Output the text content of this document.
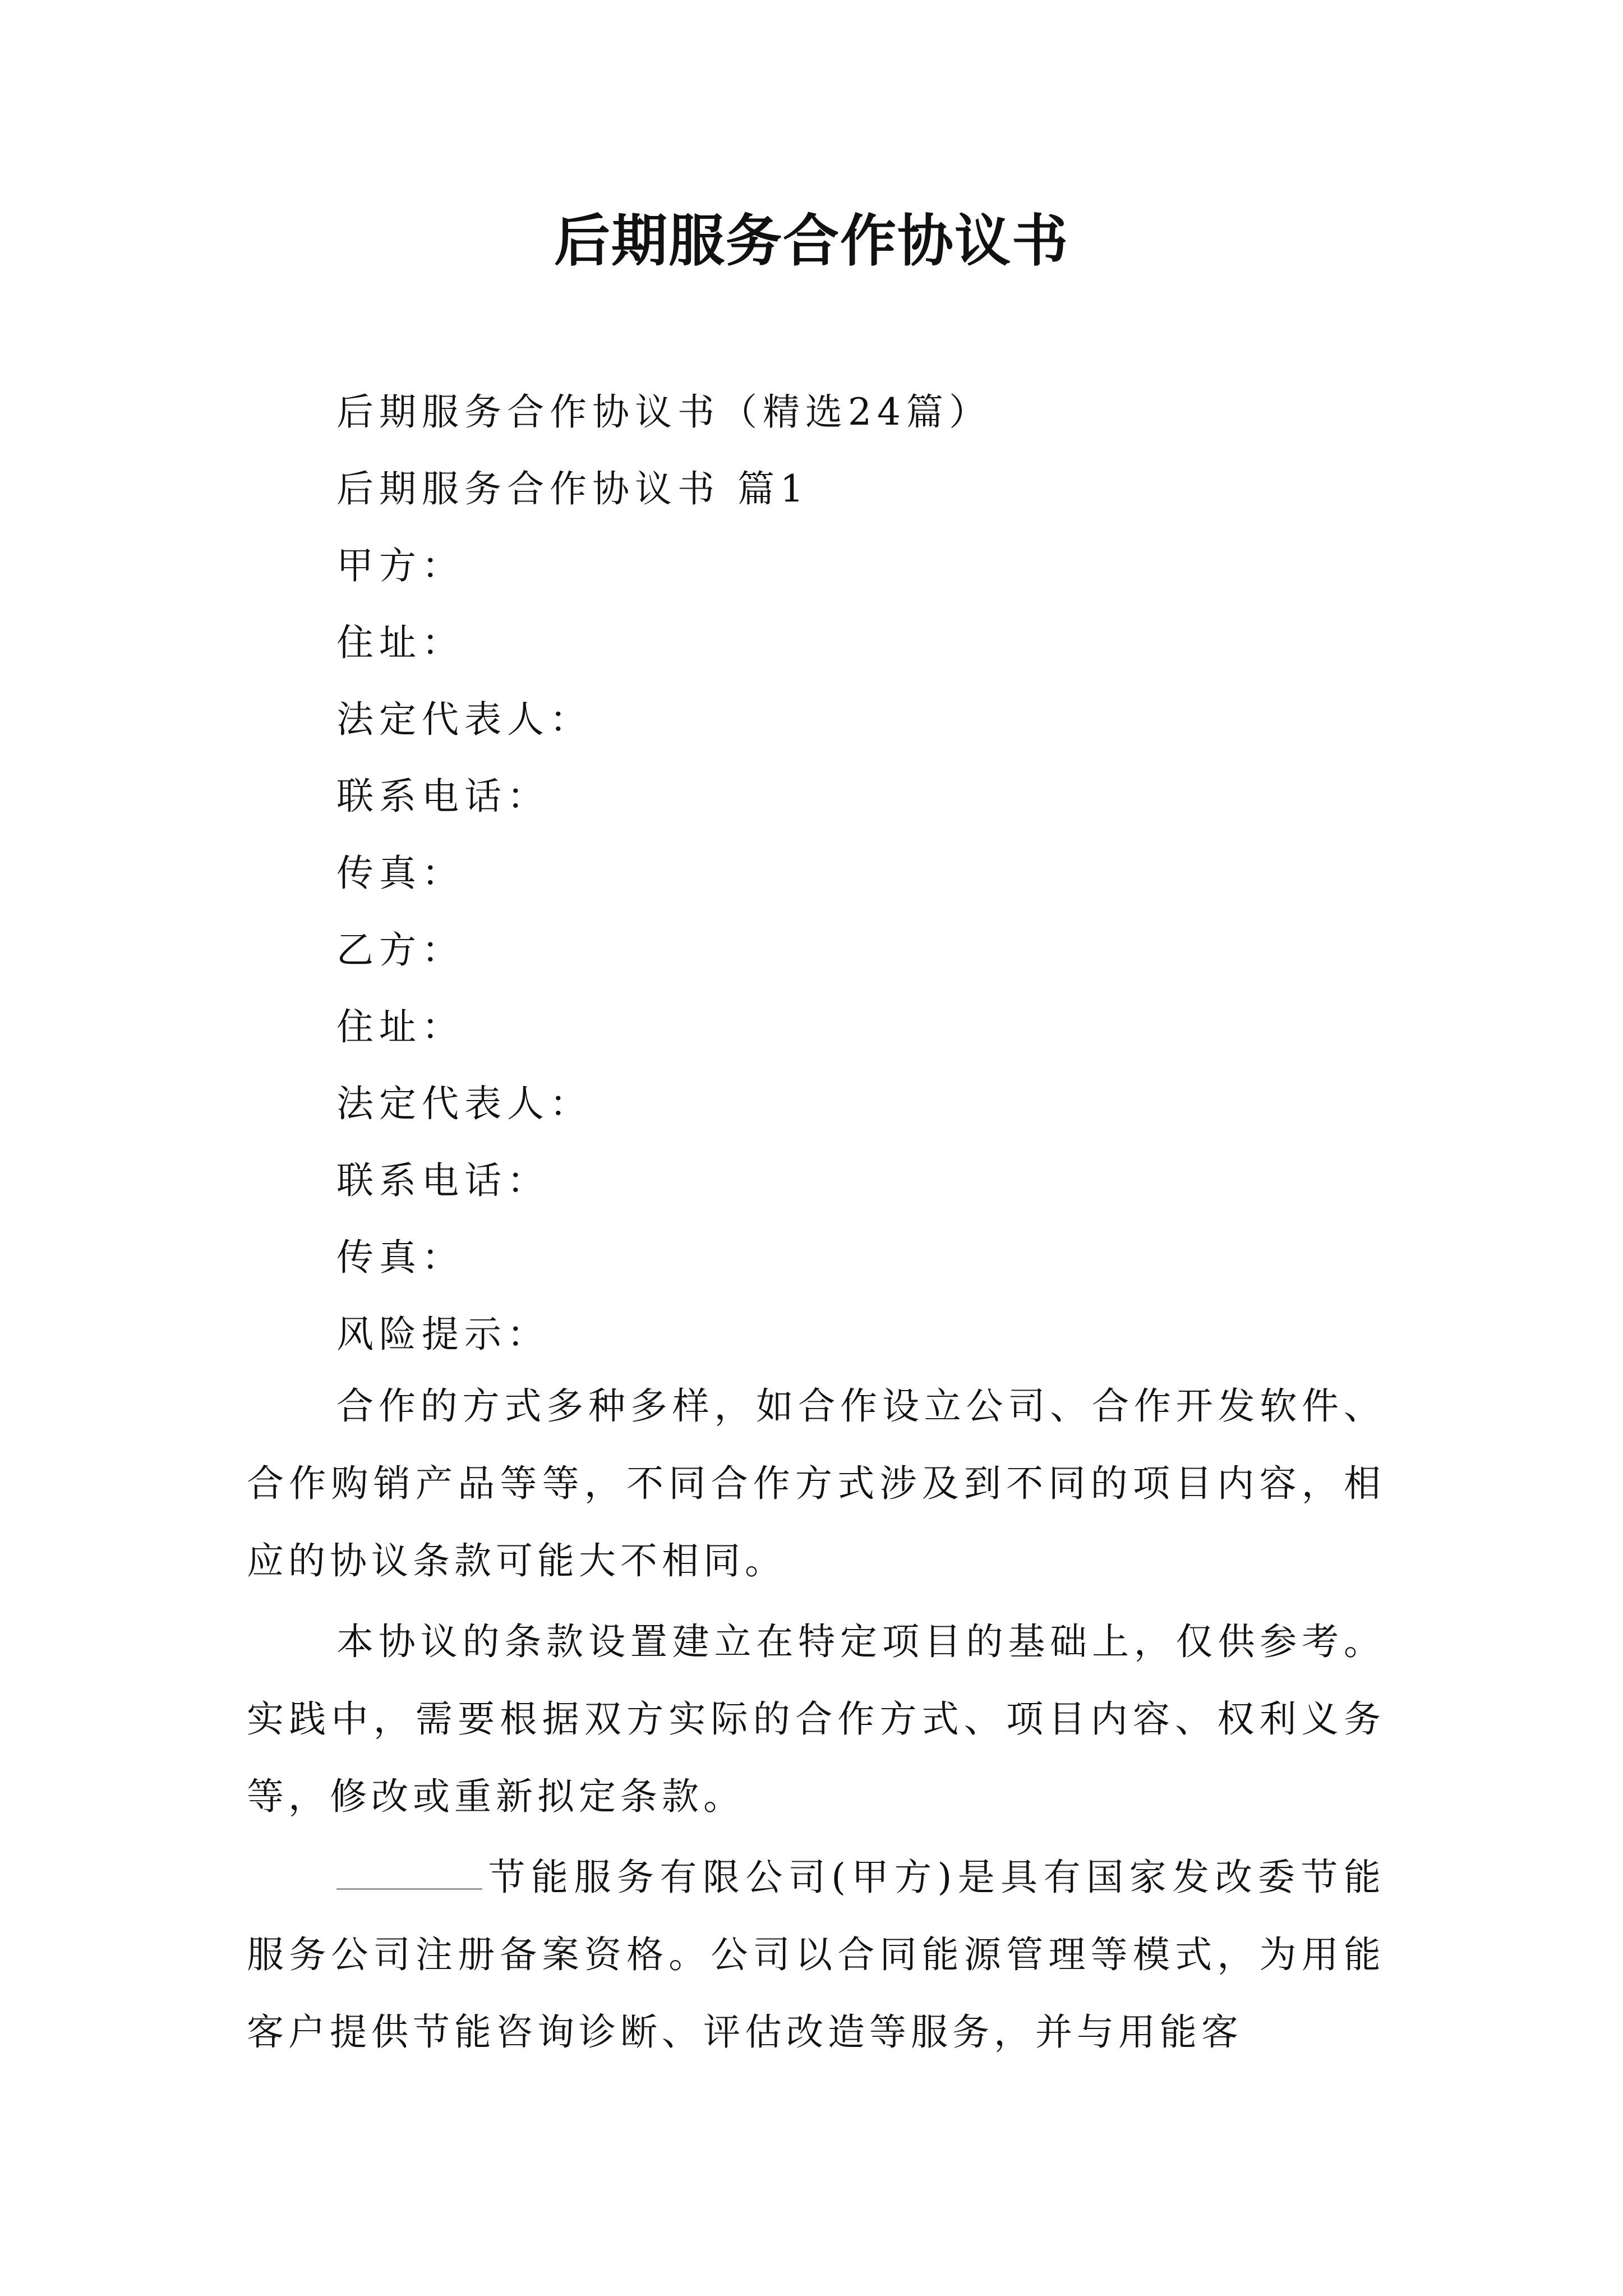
后期服务合作协议书
后期服务合作协议书（精选24篇）
后期服务合作协议书 篇1
甲方：
住址：
法定代表人：
联系电话：
传真：
乙方：
住址：
法定代表人：
联系电话：
传真：
风险提示：

合作的方式多种多样，如合作设立公司、合作开发软件、合作购销产品等等，不同合作方式涉及到不同的项目内容，相应的协议条款可能大不相同。

本协议的条款设置建立在特定项目的基础上，仅供参考。实践中，需要根据双方实际的合作方式、项目内容、权利义务等，修改或重新拟定条款。

节能服务有限公司(甲方)是具有国家发改委节能服务公司注册备案资格。公司以合同能源管理等模式，为用能客户提供节能咨询诊断、评估改造等服务，并与用能客
